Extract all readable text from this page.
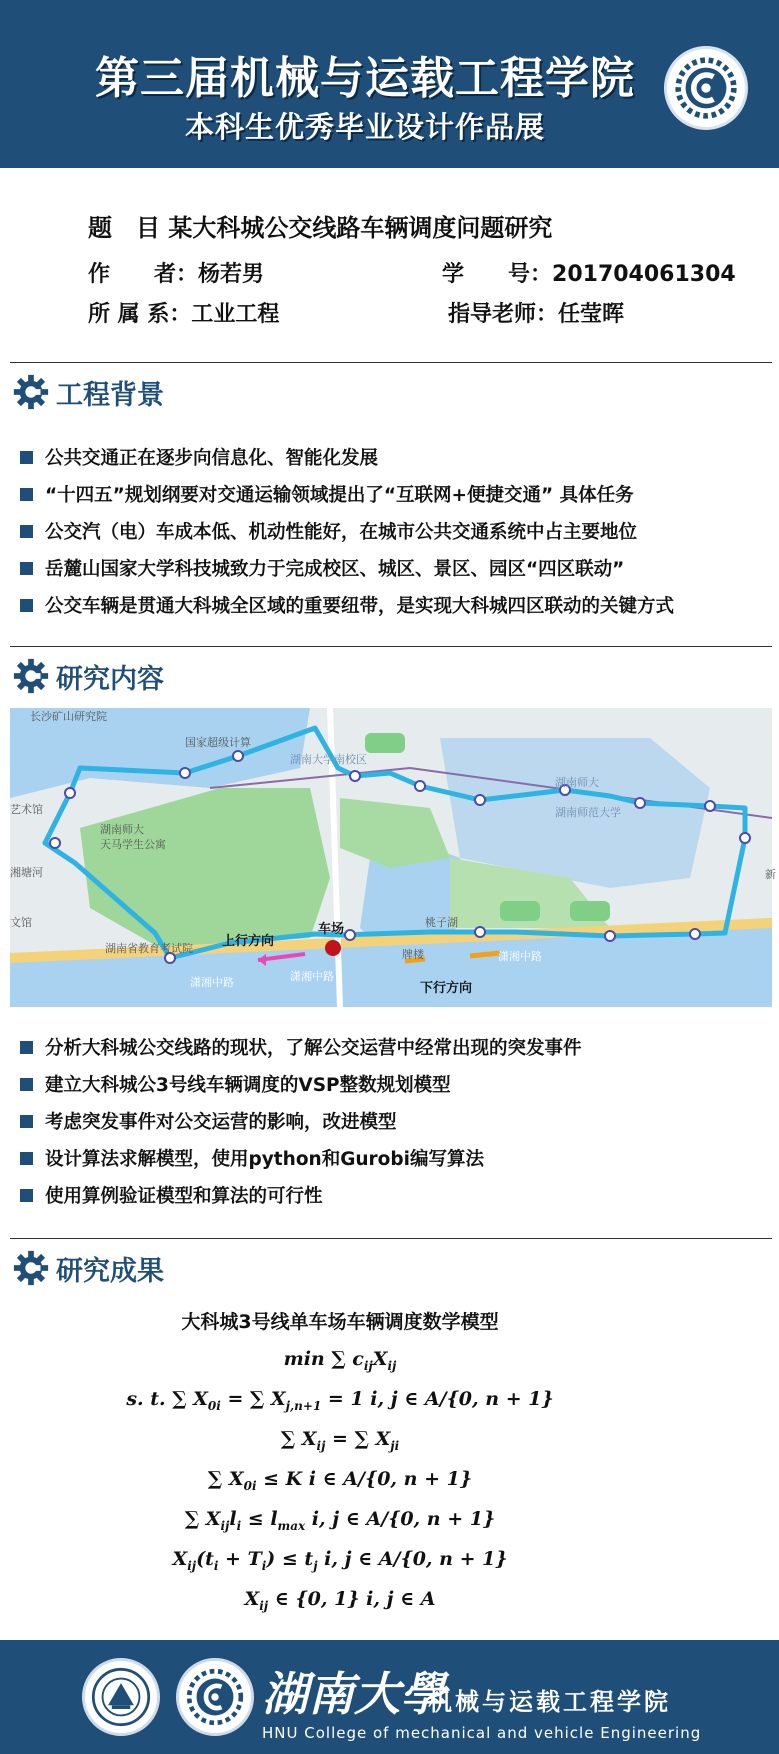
第三届机械与运载工程学院
本科生优秀毕业设计作品展
题　目 某大科城公交线路车辆调度问题研究
作　　者：杨若男	学　　号：201704061304
所 属 系：工业工程	指导老师：任莹晖
工程背景
公共交通正在逐步向信息化、智能化发展
“十四五”规划纲要对交通运输领域提出了“互联网+便捷交通” 具体任务
公交汽（电）车成本低、机动性能好，在城市公共交通系统中占主要地位
岳麓山国家大学科技城致力于完成校区、城区、景区、园区“四区联动”
公交车辆是贯通大科城全区域的重要纽带，是实现大科城四区联动的关键方式
研究内容
长沙矿山研究院
国家超级计算
湖南大学南校区
湖南师大
湖南师范大学
艺术馆
湖南师大
天马学生公寓
湘塘河
文馆
湖南省教育考试院
桃子湖
潇湘中路
潇湘中路	潇湘中路
牌楼
新
车场
上行方向
下行方向
分析大科城公交线路的现状，了解公交运营中经常出现的突发事件
建立大科城公3号线车辆调度的VSP整数规划模型
考虑突发事件对公交运营的影响，改进模型
设计算法求解模型，使用python和Gurobi编写算法
使用算例验证模型和算法的可行性
研究成果
大科城3号线单车场车辆调度数学模型
min ∑ $c_{ij}X_{ij}$
s. t. ∑ $X_{0i}$ = ∑ $X_{j,n+1} = 1$ i, j ∈ A/{0, n + 1}
∑ $X_{ij}$ = ∑ $X_{ji}$
∑ $X_{0i} \le K$ i ∈ A/{0, n + 1}
∑ $X_{ij}l_i \le l_{max}$ i, j ∈ A/{0, n + 1}
$X_{ij}(t_i + T_i) \le t_j$ i, j ∈ A/{0, n + 1}
$X_{ij}$ ∈ {0, 1} i, j ∈ A
湖南大學
机械与运载工程学院
HNU College of mechanical and vehicle Engineering
